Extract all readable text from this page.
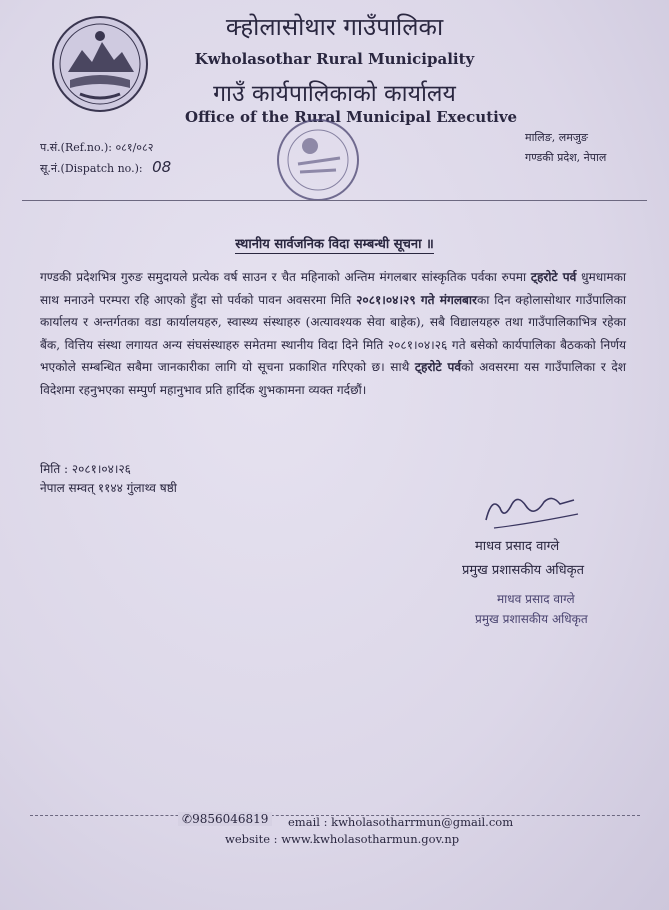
क्होलासोथार गाउँपालिका
Kwholasothar Rural Municipality
गाउँ कार्यपालिकाको कार्यालय
Office of the Rural Municipal Executive
प.सं.(Ref.no.): ०८१/०८२
सू.नं.(Dispatch no.): 08
मालिङ, लमजुङ
गण्डकी प्रदेश, नेपाल
स्थानीय सार्वजनिक विदा सम्बन्धी सूचना ॥
गण्डकी प्रदेशभित्र गुरुङ समुदायले प्रत्येक वर्ष साउन र चैत महिनाको अन्तिम मंगलबार सांस्कृतिक पर्वका रुपमा ट्हरोटे पर्व धुमधामका साथ मनाउने परम्परा रहि आएको हुँदा सो पर्वको पावन अवसरमा मिति २०८१।०४।२९ गते मंगलबारका दिन क्होलासोथार गाउँपालिका कार्यालय र अन्तर्गतका वडा कार्यालयहरु, स्वास्थ्य संस्थाहरु (अत्यावश्यक सेवा बाहेक), सबै विद्यालयहरु तथा गाउँपालिकाभित्र रहेका बैंक, वित्तिय संस्था लगायत अन्य संघसंस्थाहरु समेतमा स्थानीय विदा दिने मिति २०८१।०४।२६ गते बसेको कार्यपालिका बैठकको निर्णय भएकोले सम्बन्धित सबैमा जानकारीका लागि यो सूचना प्रकाशित गरिएको छ। साथै ट्हरोटे पर्वको अवसरमा यस गाउँपालिका र देश विदेशमा रहनुभएका सम्पुर्ण महानुभाव प्रति हार्दिक शुभकामना व्यक्त गर्दछौं।
मिति : २०८१।०४।२६
नेपाल सम्वत् ११४४ गुंलाथ्व षष्ठी
माधव प्रसाद वाग्ले
प्रमुख प्रशासकीय अधिकृत
माधव प्रसाद वाग्ले
प्रमुख प्रशासकीय अधिकृत
✆9856046819	email : kwholasotharrmun@gmail.com
website : www.kwholasotharmun.gov.np
